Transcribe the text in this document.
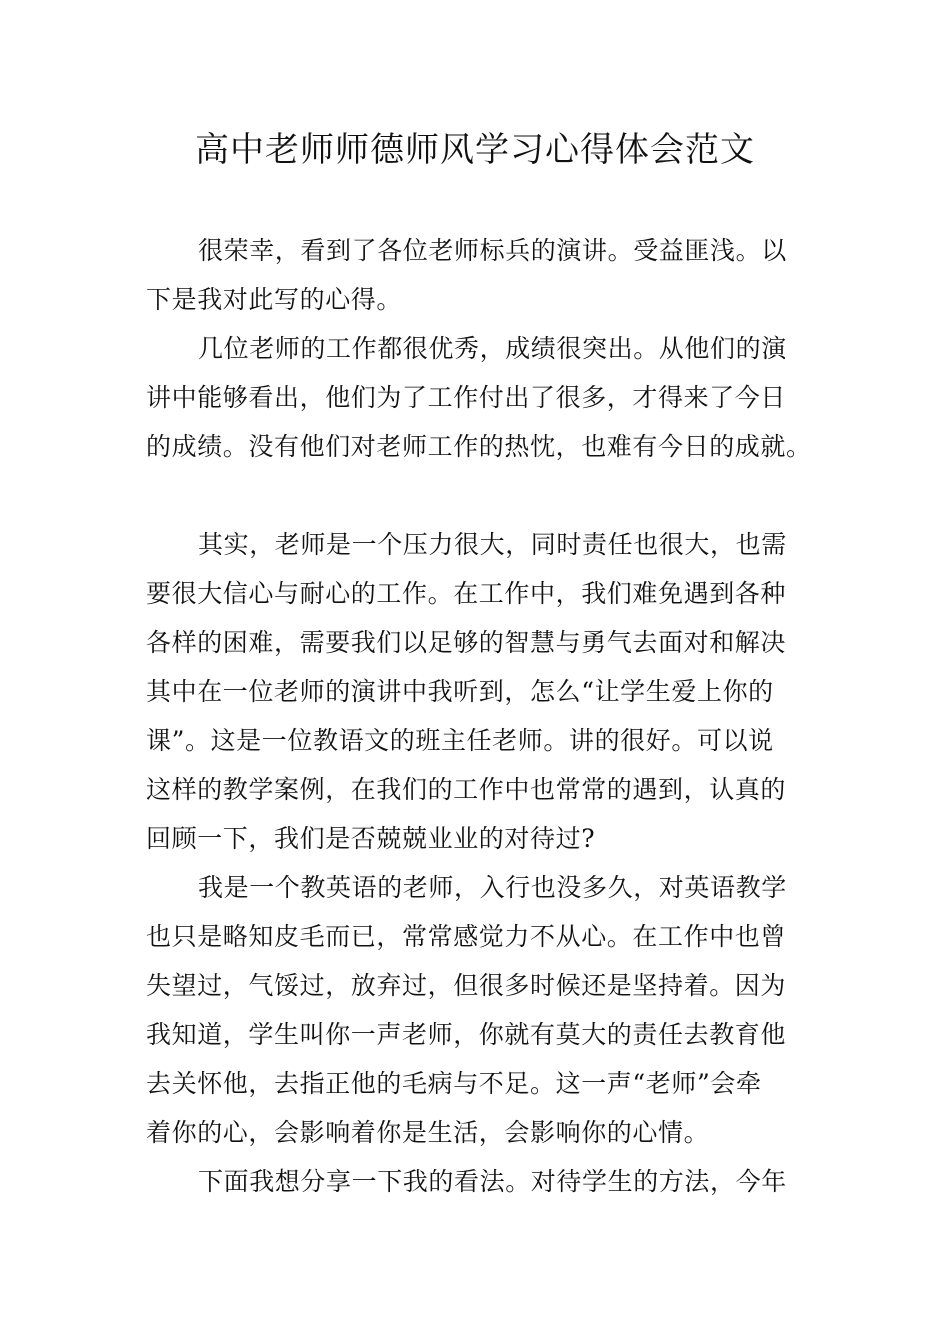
高中老师师德师风学习心得体会范文
很荣幸，看到了各位老师标兵的演讲。受益匪浅。以
下是我对此写的心得。
几位老师的工作都很优秀，成绩很突出。从他们的演
讲中能够看出，他们为了工作付出了很多，才得来了今日
的成绩。没有他们对老师工作的热忱，也难有今日的成就。
其实，老师是一个压力很大，同时责任也很大，也需
要很大信心与耐心的工作。在工作中，我们难免遇到各种
各样的困难，需要我们以足够的智慧与勇气去面对和解决
其中在一位老师的演讲中我听到，怎么“让学生爱上你的
课”。这是一位教语文的班主任老师。讲的很好。可以说
这样的教学案例，在我们的工作中也常常的遇到，认真的
回顾一下，我们是否兢兢业业的对待过?
我是一个教英语的老师，入行也没多久，对英语教学
也只是略知皮毛而已，常常感觉力不从心。在工作中也曾
失望过，气馁过，放弃过，但很多时候还是坚持着。因为
我知道，学生叫你一声老师，你就有莫大的责任去教育他
去关怀他，去指正他的毛病与不足。这一声“老师”会牵
着你的心，会影响着你是生活，会影响你的心情。
下面我想分享一下我的看法。对待学生的方法，今年
